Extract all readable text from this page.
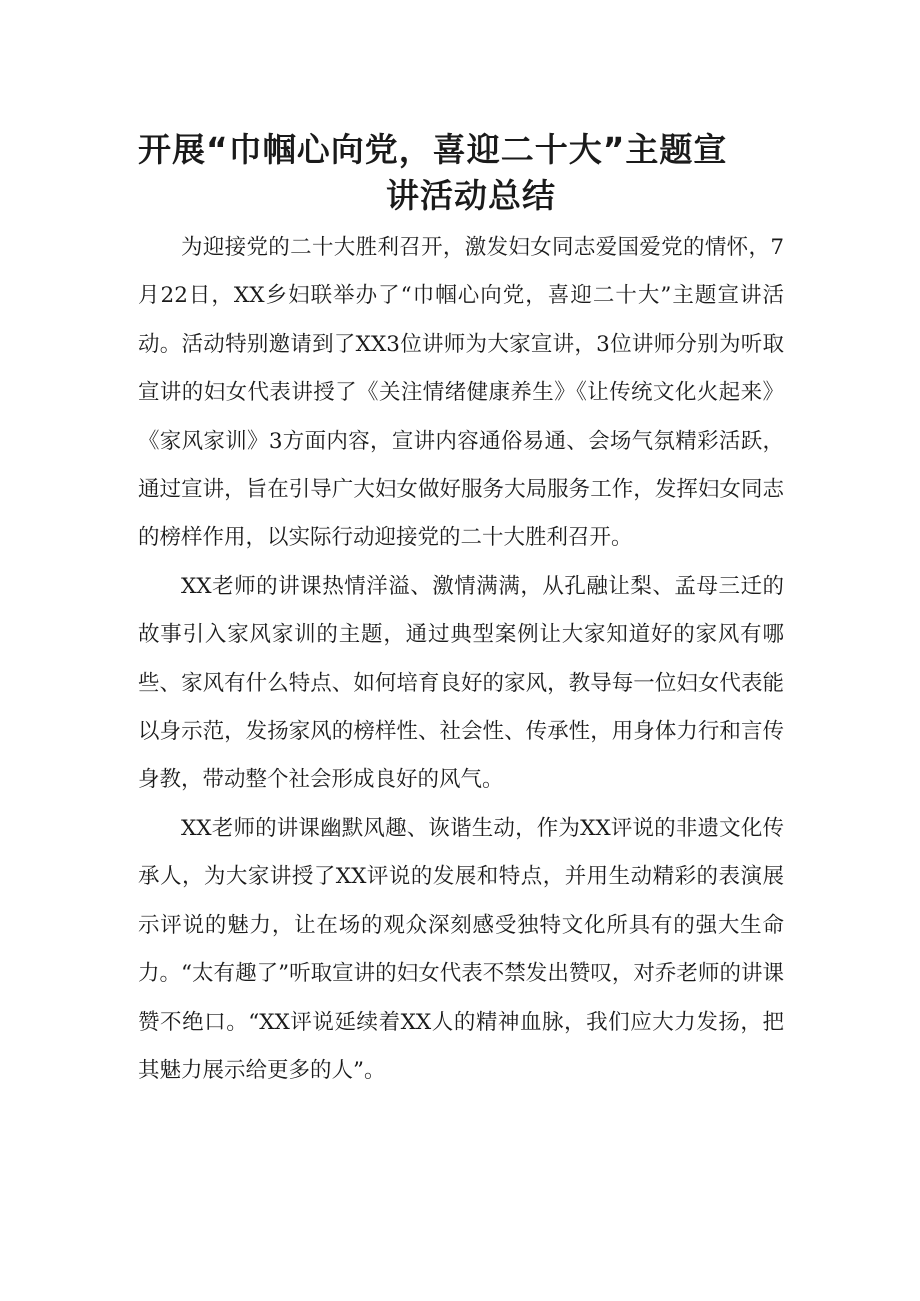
开展“巾帼心向党，喜迎二十大”主题宣
讲活动总结

为迎接党的二十大胜利召开，激发妇女同志爱国爱党的情怀，7月22日，XX乡妇联举办了“巾帼心向党，喜迎二十大”主题宣讲活动。活动特别邀请到了XX3位讲师为大家宣讲，3位讲师分别为听取宣讲的妇女代表讲授了《关注情绪健康养生》《让传统文化火起来》《家风家训》3方面内容，宣讲内容通俗易通、会场气氛精彩活跃，通过宣讲，旨在引导广大妇女做好服务大局服务工作，发挥妇女同志的榜样作用，以实际行动迎接党的二十大胜利召开。

XX老师的讲课热情洋溢、激情满满，从孔融让梨、孟母三迁的故事引入家风家训的主题，通过典型案例让大家知道好的家风有哪些、家风有什么特点、如何培育良好的家风，教导每一位妇女代表能以身示范，发扬家风的榜样性、社会性、传承性，用身体力行和言传身教，带动整个社会形成良好的风气。

XX老师的讲课幽默风趣、诙谐生动，作为XX评说的非遗文化传承人，为大家讲授了XX评说的发展和特点，并用生动精彩的表演展示评说的魅力，让在场的观众深刻感受独特文化所具有的强大生命力。“太有趣了”听取宣讲的妇女代表不禁发出赞叹，对乔老师的讲课赞不绝口。“XX评说延续着XX人的精神血脉，我们应大力发扬，把其魅力展示给更多的人”。
